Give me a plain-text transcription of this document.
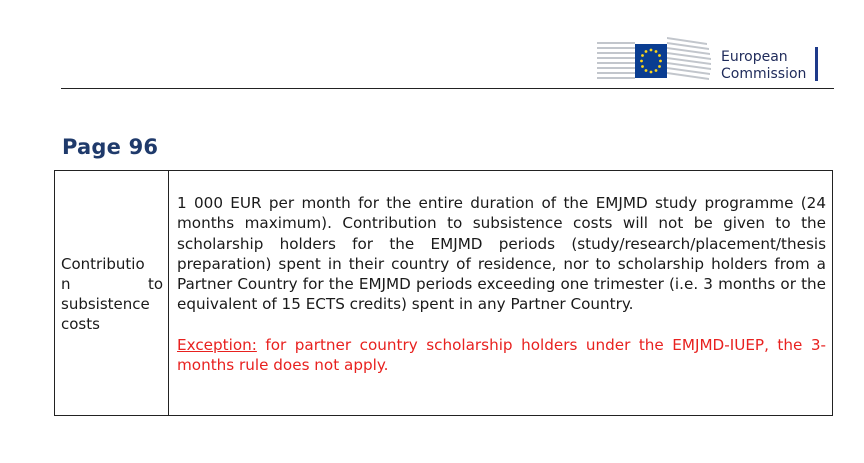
European
Commission
Page 96
Contributio
n	to
subsistence
costs

1 000 EUR per month for the entire duration of the EMJMD study programme (24 months maximum). Contribution to subsistence costs will not be given to the scholarship holders for the EMJMD periods (study/research/placement/thesis preparation) spent in their country of residence, nor to scholarship holders from a Partner Country for the EMJMD periods exceeding one trimester (i.e. 3 months or the equivalent of 15 ECTS credits) spent in any Partner Country.

Exception: for partner country scholarship holders under the EMJMD-IUEP, the 3-months rule does not apply.
